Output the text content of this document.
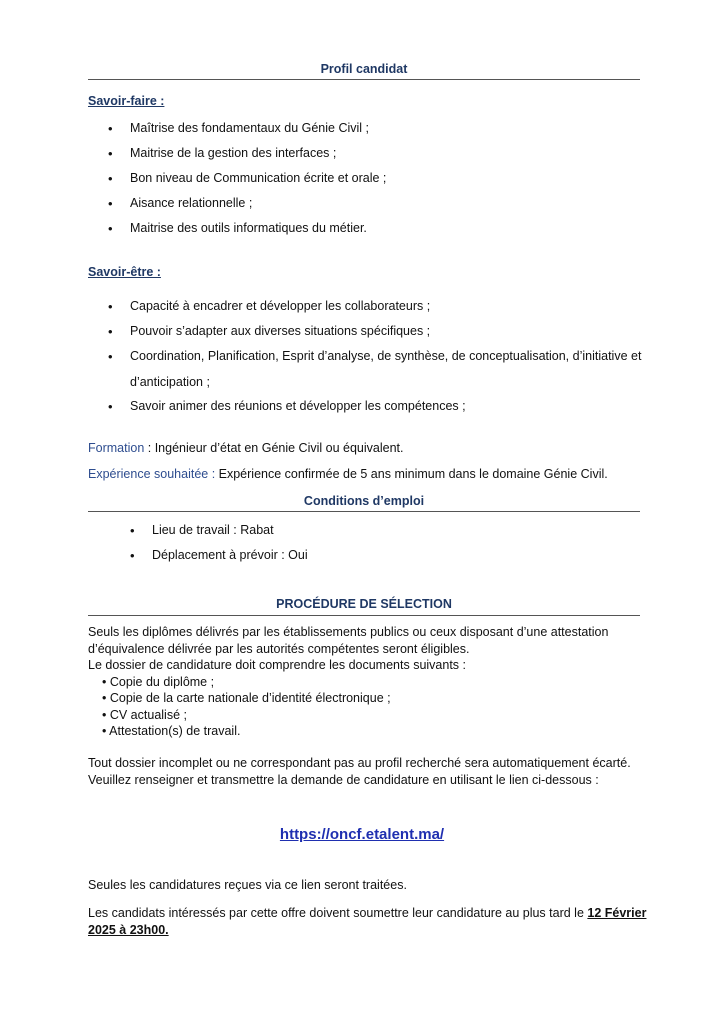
Profil candidat
Savoir-faire :
• Maîtrise des fondamentaux du Génie Civil ;
• Maitrise de la gestion des interfaces ;
• Bon niveau de Communication écrite et orale ;
• Aisance relationnelle ;
• Maitrise des outils informatiques du métier.
Savoir-être :
• Capacité à encadrer et développer les collaborateurs ;
• Pouvoir s’adapter aux diverses situations spécifiques ;
• Coordination, Planification, Esprit d’analyse, de synthèse, de conceptualisation, d’initiative et
d’anticipation ;
• Savoir animer des réunions et développer les compétences ;
Formation : Ingénieur d’état en Génie Civil ou équivalent.
Expérience souhaitée : Expérience confirmée de 5 ans minimum dans le domaine Génie Civil.
Conditions d’emploi
• Lieu de travail : Rabat
• Déplacement à prévoir : Oui
PROCÉDURE DE SÉLECTION
Seuls les diplômes délivrés par les établissements publics ou ceux disposant d’une attestation
d’équivalence délivrée par les autorités compétentes seront éligibles.
Le dossier de candidature doit comprendre les documents suivants :
• Copie du diplôme ;
• Copie de la carte nationale d’identité électronique ;
• CV actualisé ;
• Attestation(s) de travail.
Tout dossier incomplet ou ne correspondant pas au profil recherché sera automatiquement écarté.
Veuillez renseigner et transmettre la demande de candidature en utilisant le lien ci-dessous :
https://oncf.etalent.ma/
Seules les candidatures reçues via ce lien seront traitées.
Les candidats intéressés par cette offre doivent soumettre leur candidature au plus tard le 12 Février
2025 à 23h00.
